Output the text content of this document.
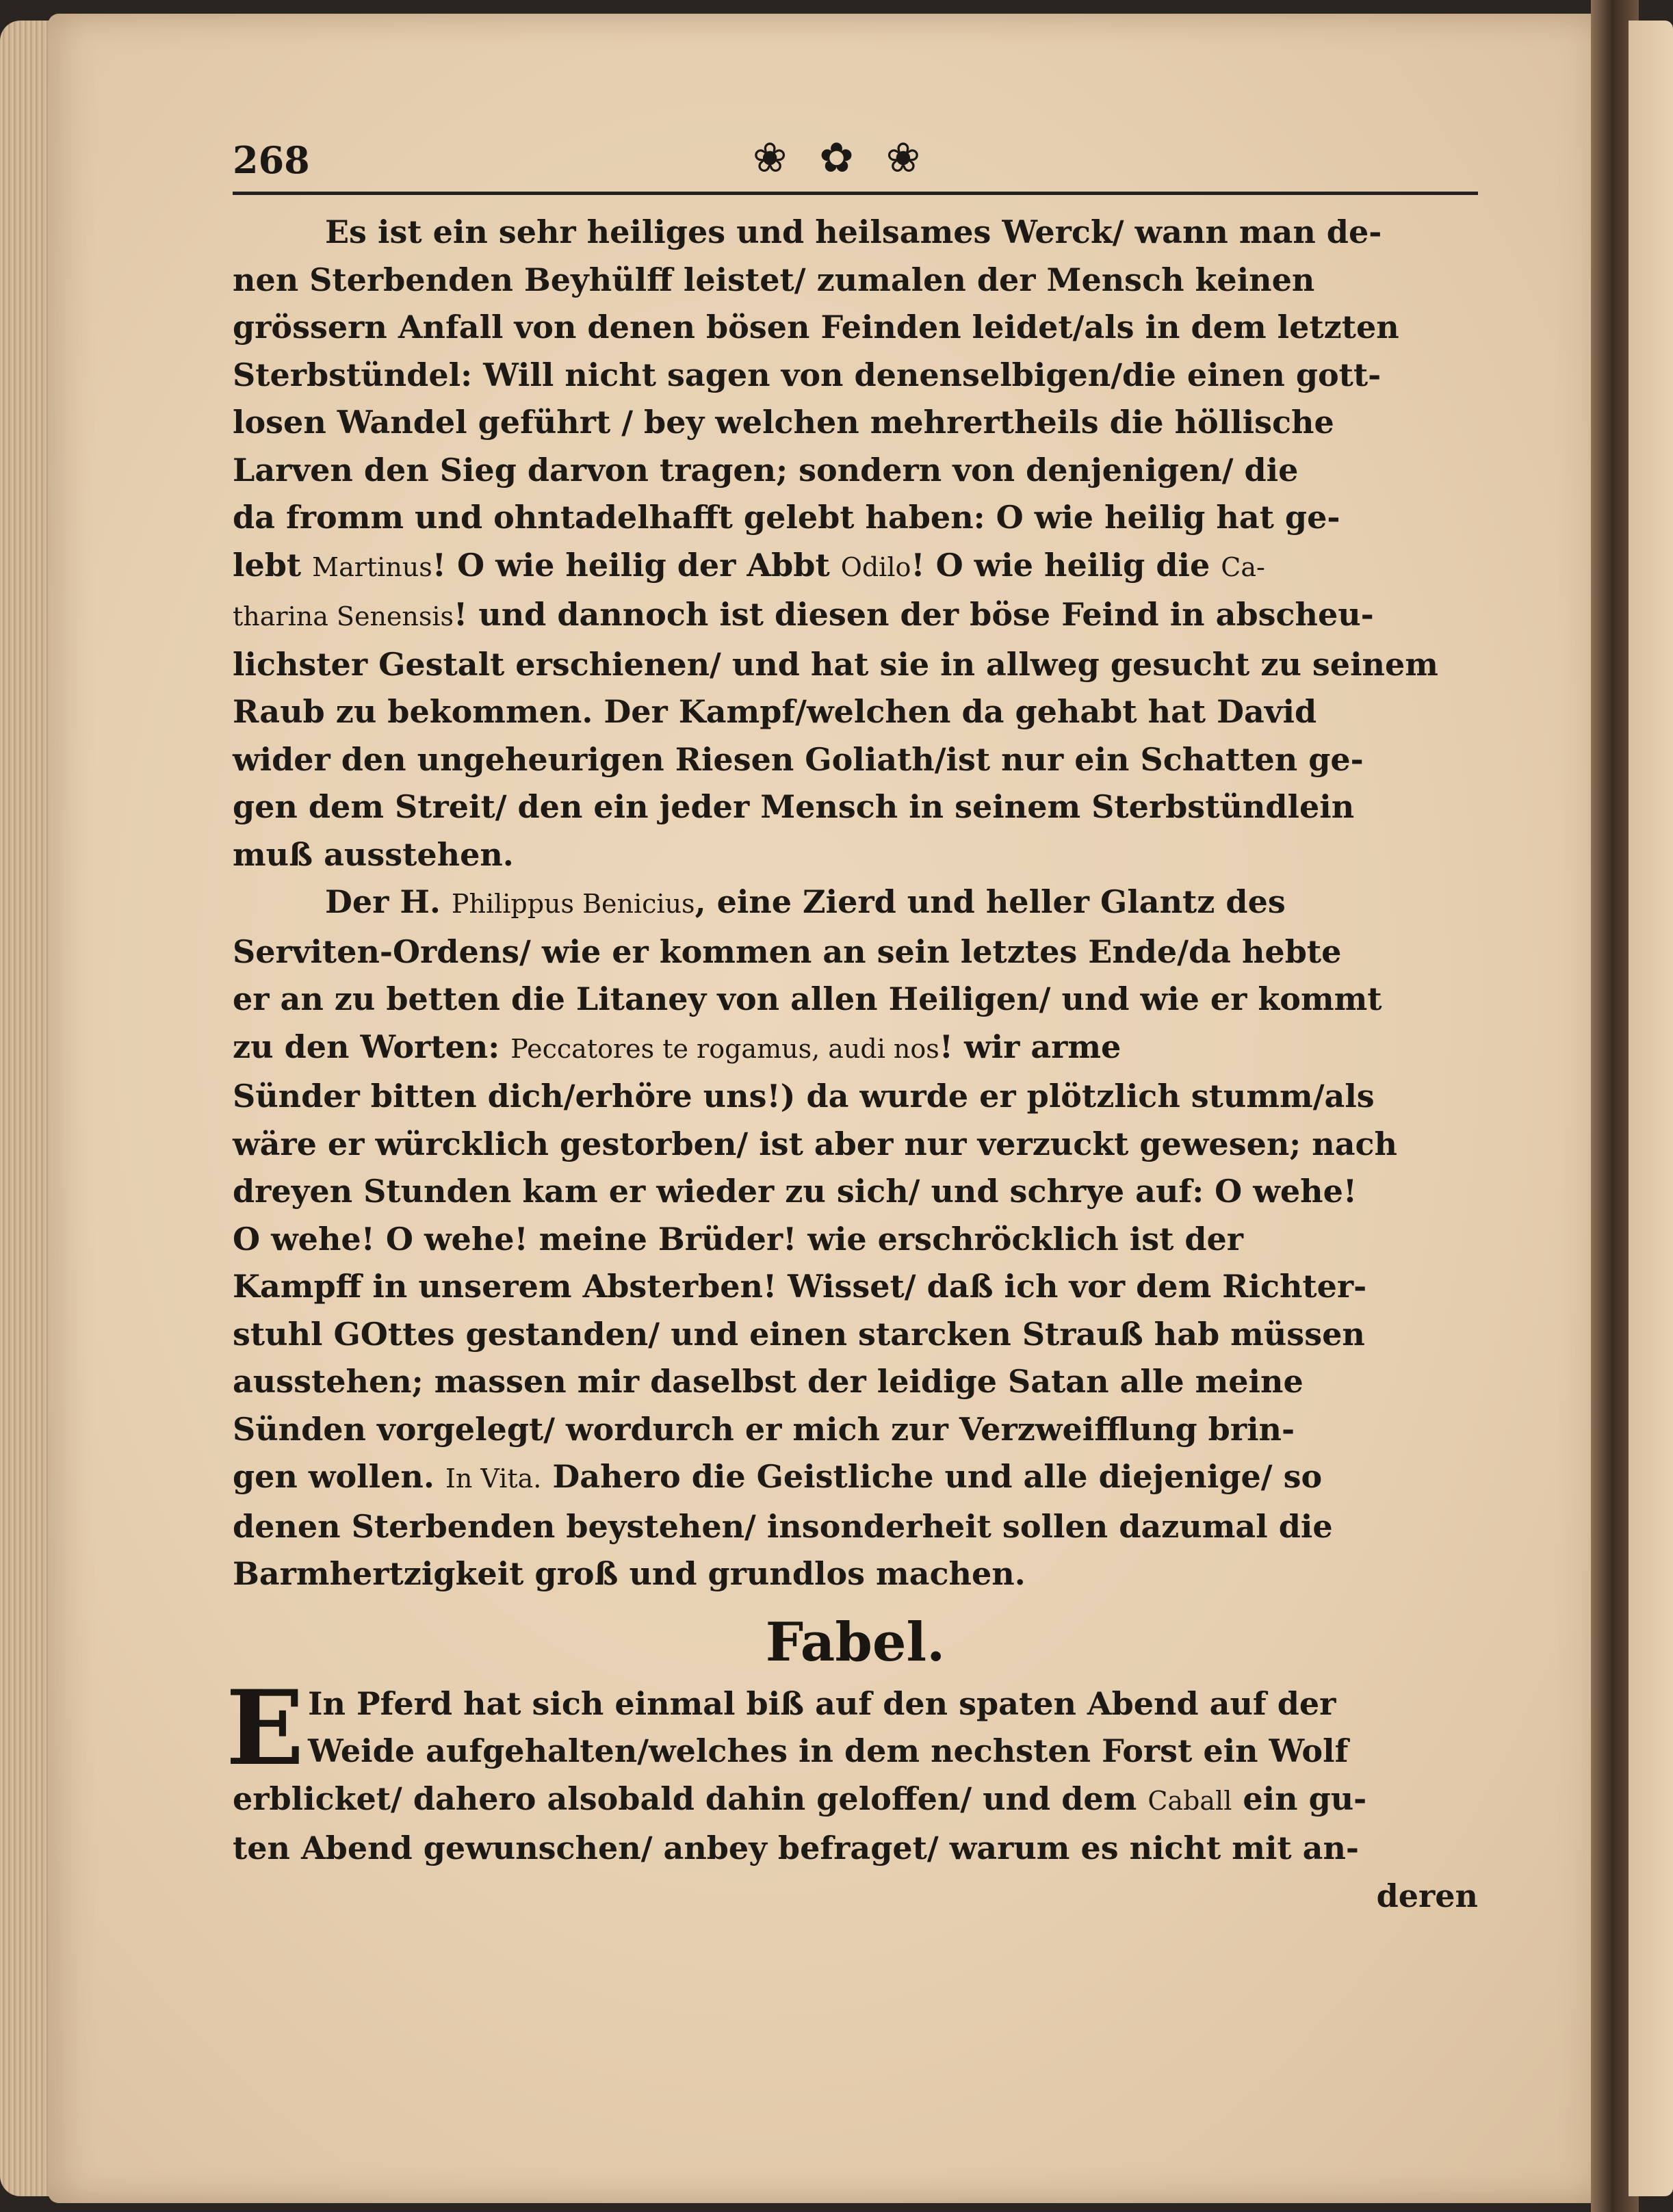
268	❀ ✿ ❀
Es ist ein sehr heiliges und heilsames Werck/ wann man de-
nen Sterbenden Beyhülff leistet/ zumalen der Mensch keinen
grössern Anfall von denen bösen Feinden leidet/als in dem letzten
Sterbstündel: Will nicht sagen von denenselbigen/die einen gott-
losen Wandel geführt / bey welchen mehrertheils die höllische
Larven den Sieg darvon tragen; sondern von denjenigen/ die
da fromm und ohntadelhafft gelebt haben: O wie heilig hat ge-
lebt Martinus! O wie heilig der Abbt Odilo! O wie heilig die Ca-
tharina Senensis! und dannoch ist diesen der böse Feind in abscheu-
lichster Gestalt erschienen/ und hat sie in allweg gesucht zu seinem
Raub zu bekommen. Der Kampf/welchen da gehabt hat David
wider den ungeheurigen Riesen Goliath/ist nur ein Schatten ge-
gen dem Streit/ den ein jeder Mensch in seinem Sterbstündlein
muß ausstehen.
Der H. Philippus Benicius, eine Zierd und heller Glantz des
Serviten-Ordens/ wie er kommen an sein letztes Ende/da hebte
er an zu betten die Litaney von allen Heiligen/ und wie er kommt
zu den Worten: Peccatores te rogamus, audi nos! wir arme
Sünder bitten dich/erhöre uns!) da wurde er plötzlich stumm/als
wäre er würcklich gestorben/ ist aber nur verzuckt gewesen; nach
dreyen Stunden kam er wieder zu sich/ und schrye auf: O wehe!
O wehe! O wehe! meine Brüder! wie erschröcklich ist der
Kampff in unserem Absterben! Wisset/ daß ich vor dem Richter-
stuhl GOttes gestanden/ und einen starcken Strauß hab müssen
ausstehen; massen mir daselbst der leidige Satan alle meine
Sünden vorgelegt/ wordurch er mich zur Verzweifflung brin-
gen wollen. In Vita. Dahero die Geistliche und alle diejenige/ so
denen Sterbenden beystehen/ insonderheit sollen dazumal die
Barmhertzigkeit groß und grundlos machen.
Fabel.
E In Pferd hat sich einmal biß auf den spaten Abend auf der
Weide aufgehalten/welches in dem nechsten Forst ein Wolf
erblicket/ dahero alsobald dahin geloffen/ und dem Caball ein gu-
ten Abend gewunschen/ anbey befraget/ warum es nicht mit an-
deren
